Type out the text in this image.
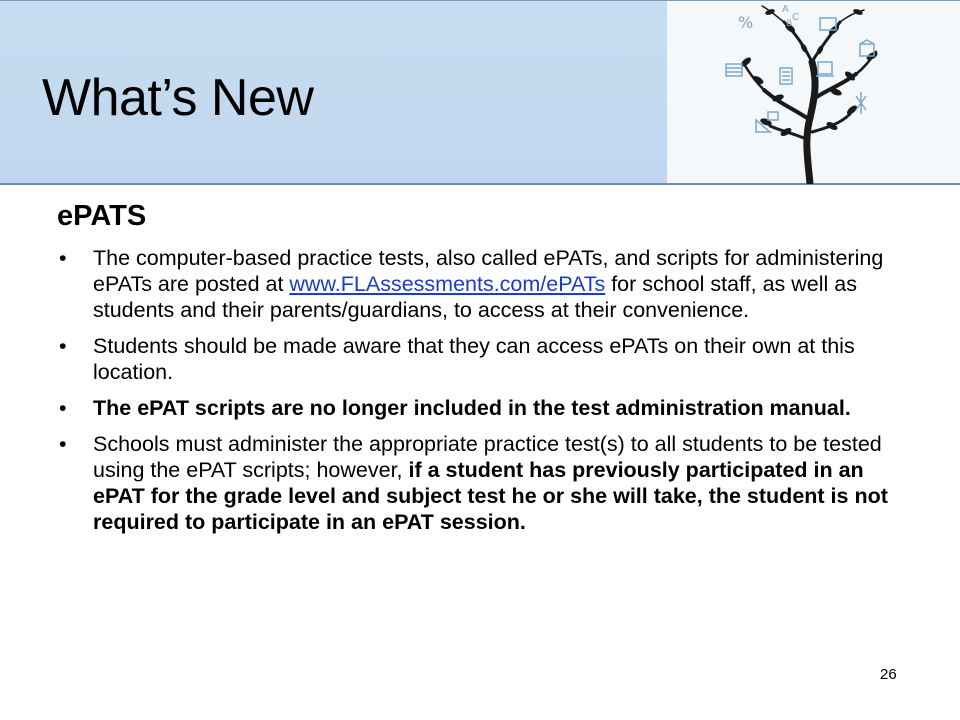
What’s New
%
A
C
B
ePATS
• The computer-based practice tests, also called ePATs, and scripts for administering ePATs are posted at www.FLAssessments.com/ePATs for school staff, as well as students and their parents/guardians, to access at their convenience.
• Students should be made aware that they can access ePATs on their own at this location.
• The ePAT scripts are no longer included in the test administration manual.
• Schools must administer the appropriate practice test(s) to all students to be tested using the ePAT scripts; however, if a student has previously participated in an ePAT for the grade level and subject test he or she will take, the student is not required to participate in an ePAT session.
26
